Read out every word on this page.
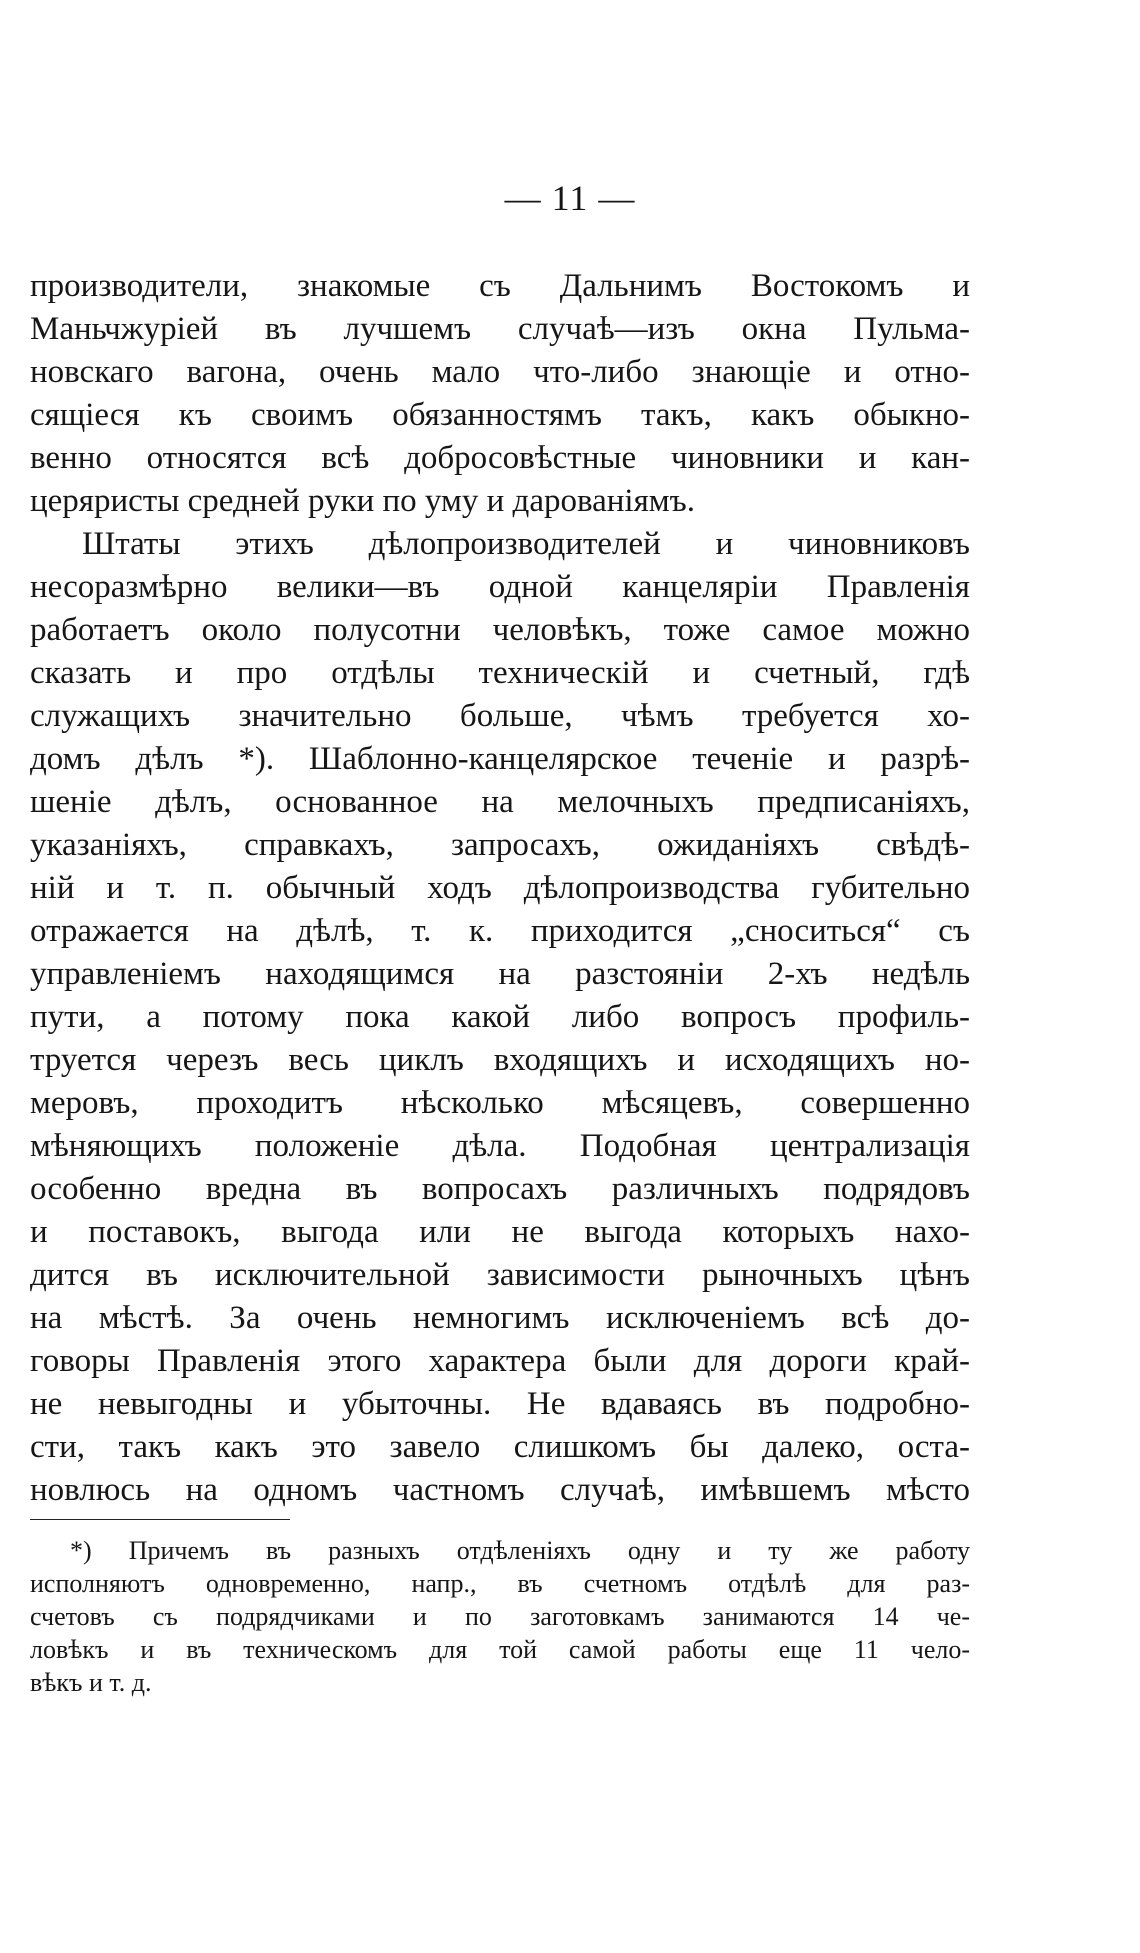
— 11 —
производители, знакомые съ Дальнимъ Востокомъ и
Маньчжуріей въ лучшемъ случаѣ—изъ окна Пульма-
новскаго вагона, очень мало что-либо знающіе и отно-
сящіеся къ своимъ обязанностямъ такъ, какъ обыкно-
венно относятся всѣ добросовѣстные чиновники и кан-
церяристы средней руки по уму и дарованіямъ.
Штаты этихъ дѣлопроизводителей и чиновниковъ
несоразмѣрно велики—въ одной канцеляріи Правленія
работаетъ около полусотни человѣкъ, тоже самое можно
сказать и про отдѣлы техническій и счетный, гдѣ
служащихъ значительно больше, чѣмъ требуется хо-
домъ дѣлъ *). Шаблонно-канцелярское теченіе и разрѣ-
шеніе дѣлъ, основанное на мелочныхъ предписаніяхъ,
указаніяхъ, справкахъ, запросахъ, ожиданіяхъ свѣдѣ-
ній и т. п. обычный ходъ дѣлопроизводства губительно
отражается на дѣлѣ, т. к. приходится „сноситься“ съ
управленіемъ находящимся на разстояніи 2-хъ недѣль
пути, а потому пока какой либо вопросъ профиль-
труется черезъ весь циклъ входящихъ и исходящихъ но-
меровъ, проходитъ нѣсколько мѣсяцевъ, совершенно
мѣняющихъ положеніе дѣла. Подобная централизація
особенно вредна въ вопросахъ различныхъ подрядовъ
и поставокъ, выгода или не выгода которыхъ нахо-
дится въ исключительной зависимости рыночныхъ цѣнъ
на мѣстѣ. За очень немногимъ исключеніемъ всѣ до-
говоры Правленія этого характера были для дороги край-
не невыгодны и убыточны. Не вдаваясь въ подробно-
сти, такъ какъ это завело слишкомъ бы далеко, оста-
новлюсь на одномъ частномъ случаѣ, имѣвшемъ мѣсто
*) Причемъ въ разныхъ отдѣленіяхъ одну и ту же работу
исполняютъ одновременно, напр., въ счетномъ отдѣлѣ для раз-
счетовъ съ подрядчиками и по заготовкамъ занимаются 14 че-
ловѣкъ и въ техническомъ для той самой работы еще 11 чело-
вѣкъ и т. д.
